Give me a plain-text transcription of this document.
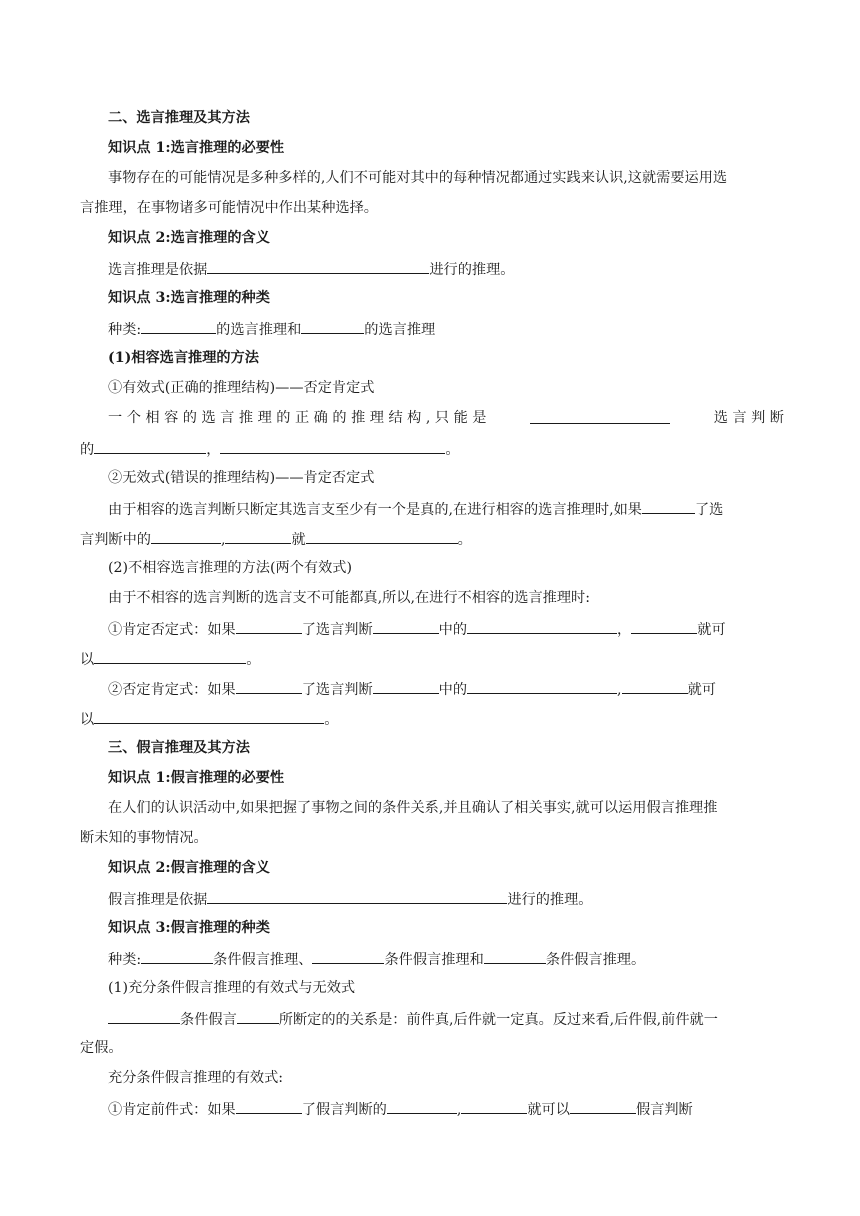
二、选言推理及其方法
知识点 1:选言推理的必要性
事物存在的可能情况是多种多样的,人们不可能对其中的每种情况都通过实践来认识,这就需要运用选
言推理，在事物诸多可能情况中作出某种选择。
知识点 2:选言推理的含义
选言推理是依据	进行的推理。
知识点 3:选言推理的种类
种类:	的选言推理和	的选言推理
(1)相容选言推理的方法
①有效式(正确的推理结构)——否定肯定式
一 个 相 容 的 选 言 推 理 的 正 确 的 推 理 结 构 , 只 能 是	选 言 判 断
的	，	。
②无效式(错误的推理结构)——肯定否定式
由于相容的选言判断只断定其选言支至少有一个是真的,在进行相容的选言推理时,如果	了选
言判断中的	,	就	。
(2)不相容选言推理的方法(两个有效式)
由于不相容的选言判断的选言支不可能都真,所以,在进行不相容的选言推理时:
①肯定否定式：如果	了选言判断	中的	，	就可
以	。
②否定肯定式：如果	了选言判断	中的	,	就可
以	。
三、假言推理及其方法
知识点 1:假言推理的必要性
在人们的认识活动中,如果把握了事物之间的条件关系,并且确认了相关事实,就可以运用假言推理推
断未知的事物情况。
知识点 2:假言推理的含义
假言推理是依据	进行的推理。
知识点 3:假言推理的种类
种类:	条件假言推理、	条件假言推理和	条件假言推理。
(1)充分条件假言推理的有效式与无效式
条件假言	所断定的的关系是：前件真,后件就一定真。反过来看,后件假,前件就一
定假。
充分条件假言推理的有效式:
①肯定前件式：如果	了假言判断的	,	就可以	假言判断
